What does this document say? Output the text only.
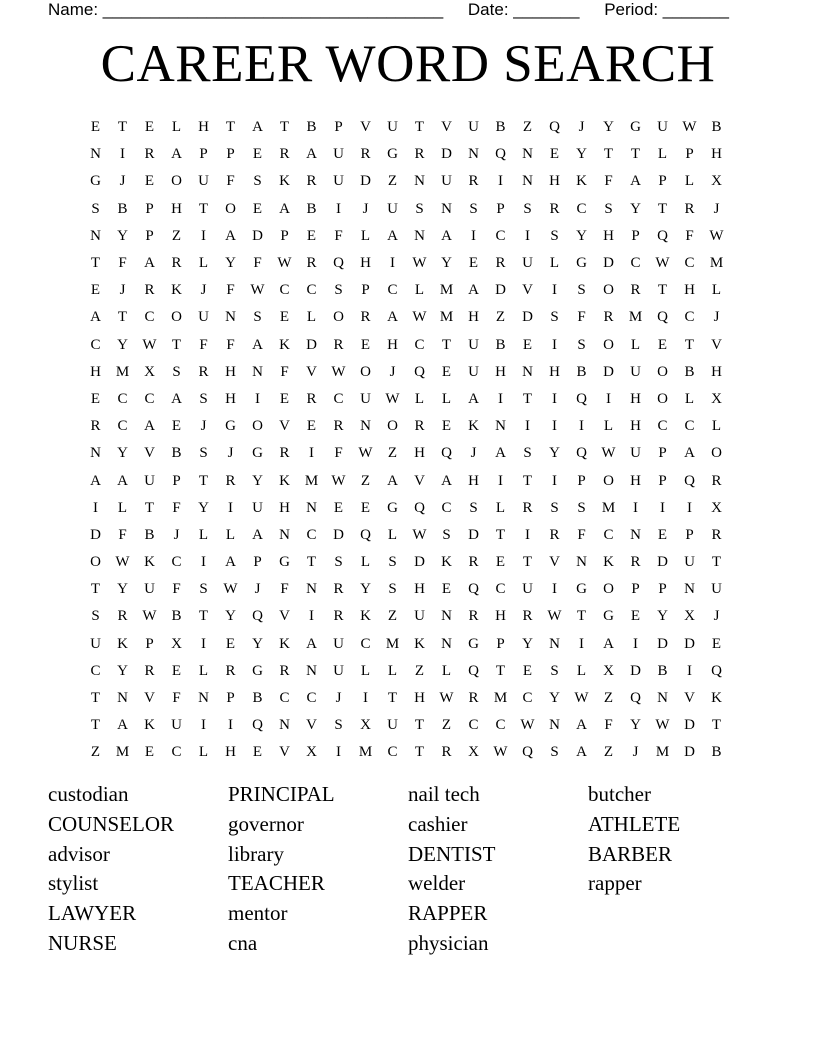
Name: ____________________________________ Date: _______ Period: _______
CAREER WORD SEARCH
E	T	E	L	H	T	A	T	B	P	V	U	T	V	U	B	Z	Q	J	Y	G	U W B
N	I	R	A	P	P	E	R	A	U	R	G	R	D	N	Q	N	E	Y	T	T	L	P	H
G	J	E	O	U	F	S	K	R	U	D	Z	N	U	R	I	N	H	K	F	A	P	L	X
S	B	P	H	T	O	E	A	B	I	J	U	S	N	S	P	S	R	C	S	Y	T	R	J
N	Y	P	Z	I	A	D	P	E	F	L	A	N	A	I	C	I	S	Y	H	P	Q	F	W
T	F	A	R	L	Y	F	W R	Q	H	I	W Y	E	R	U	L	G	D	C W C	M
E	J	R	K	J	F	W C	C	S	P	C	L	M A	D	V	I	S	O	R	T	H	L
A	T	C	O	U	N	S	E	L	O	R	A W M H	Z	D	S	F	R	M Q	C	J
C	Y W	T	F	F	A	K	D	R	E	H	C	T	U	B	E	I	S	O	L	E	T	V
H M X	S	R	H	N	F	V W O	J	Q	E	U	H	N	H	B	D	U	O	B	H
E	C	C	A	S	H	I	E	R	C	U W	L	L	A	I	T	I	Q	I	H	O	L	X
R	C	A	E	J	G	O	V	E	R	N	O	R	E	K	N	I	I	I	L	H	C	C	L
N	Y	V	B	S	J	G	R	I	F	W	Z	H	Q	J	A	S	Y	Q W U	P	A	O
A	A	U	P	T	R	Y	K M W	Z	A	V	A	H	I	T	I	P	O	H	P	Q	R
I	L	T	F	Y	I	U	H	N	E	E	G	Q	C	S	L	R	S	S	M	I	I	I	X
D	F	B	J	L	L	A	N	C	D	Q	L	W	S	D	T	I	R	F	C	N	E	P	R
O W K	C	I	A	P	G	T	S	L	S	D	K	R	E	T	V	N	K	R	D	U	T
T	Y	U	F	S	W	J	F	N	R	Y	S	H	E	Q	C	U	I	G	O	P	P	N	U
S	R W B	T	Y	Q	V	I	R	K	Z	U	N	R	H	R W	T	G	E	Y	X	J
U	K	P	X	I	E	Y	K	A	U	C	M K	N	G	P	Y	N	I	A	I	D	D	E
C	Y	R	E	L	R	G	R	N	U	L	L	Z	L	Q	T	E	S	L	X	D	B	I	Q
T	N	V	F	N	P	B	C	C	J	I	T	H W R	M	C	Y W	Z	Q	N	V	K
T	A	K	U	I	I	Q	N	V	S	X	U	T	Z	C	C W N	A	F	Y W D	T
Z	M	E	C	L	H	E	V	X	I	M	C	T	R	X W Q	S	A	Z	J	M D	B
custodian
COUNSELOR
advisor
stylist
LAWYER
NURSE
PRINCIPAL
governor
library
TEACHER
mentor
cna
nail tech
cashier
DENTIST
welder
RAPPER
physician
butcher
ATHLETE
BARBER
rapper
